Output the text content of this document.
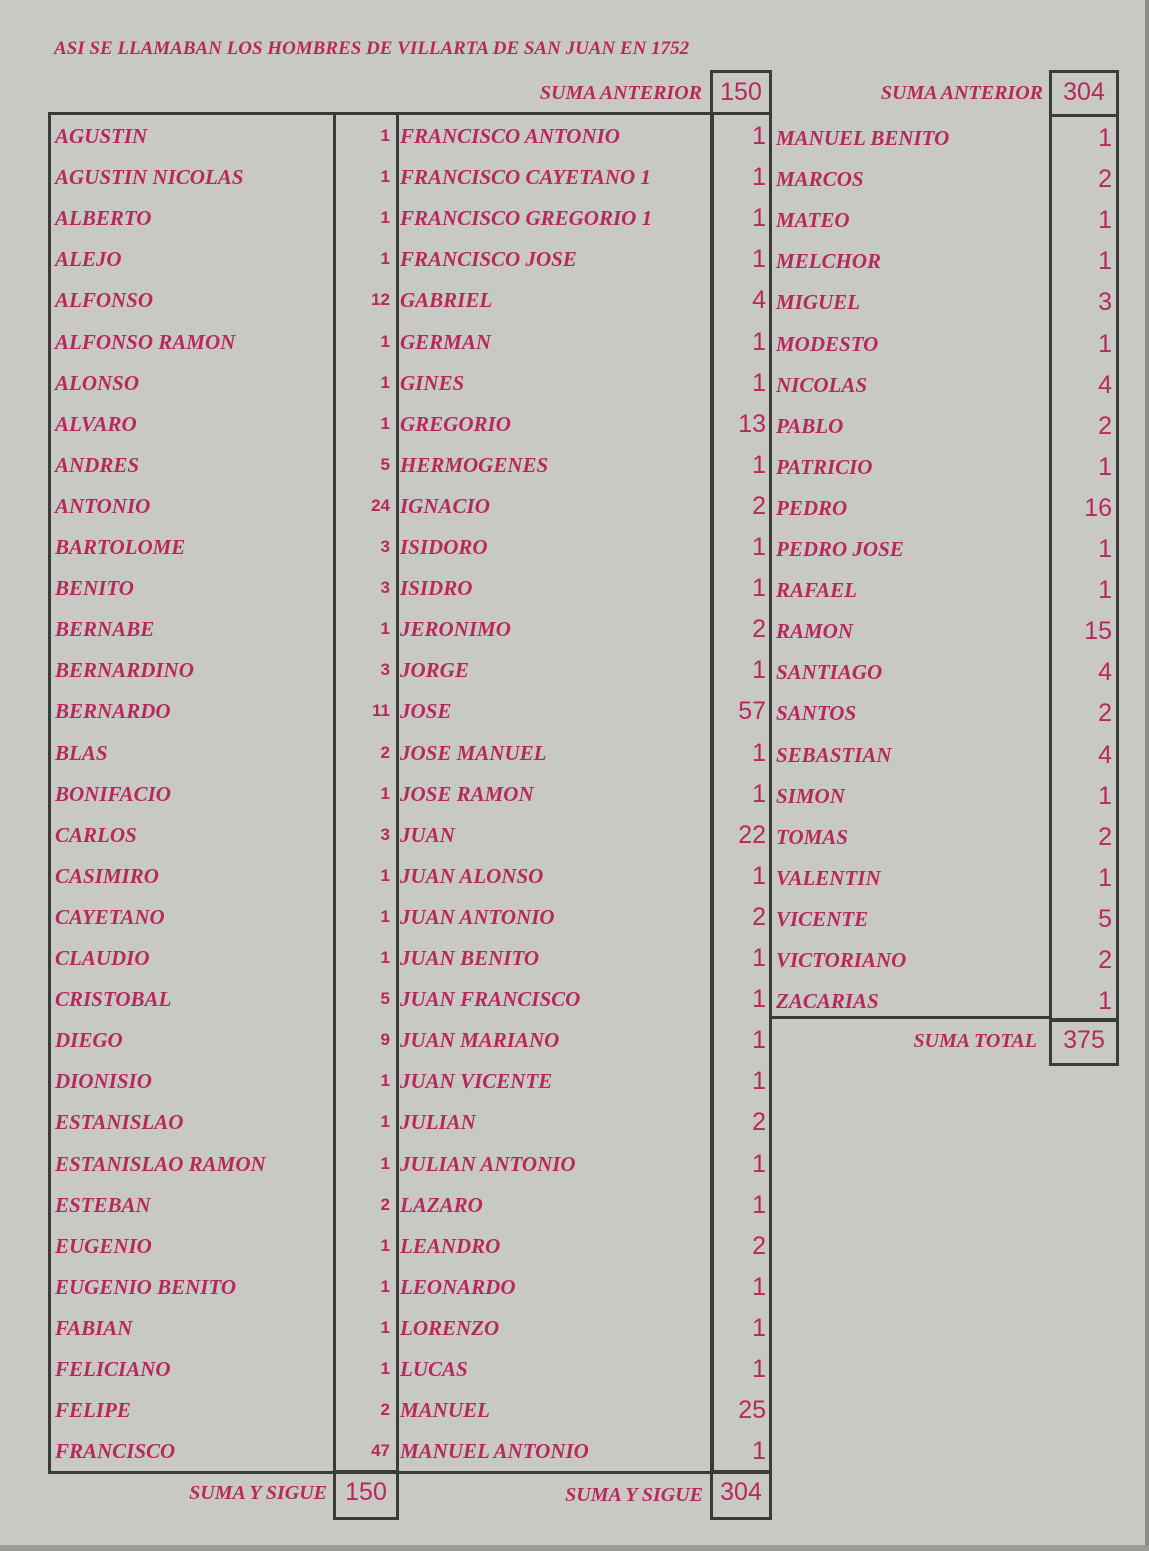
ASI SE LLAMABAN LOS HOMBRES DE VILLARTA DE SAN JUAN EN 1752
SUMA ANTERIOR 150	SUMA ANTERIOR 304
AGUSTIN	1
AGUSTIN NICOLAS	1
ALBERTO	1
ALEJO	1
ALFONSO	12
ALFONSO RAMON	1
ALONSO	1
ALVARO	1
ANDRES	5
ANTONIO	24
BARTOLOME	3
BENITO	3
BERNABE	1
BERNARDINO	3
BERNARDO	11
BLAS	2
BONIFACIO	1
CARLOS	3
CASIMIRO	1
CAYETANO	1
CLAUDIO	1
CRISTOBAL	5
DIEGO	9
DIONISIO	1
ESTANISLAO	1
ESTANISLAO RAMON	1
ESTEBAN	2
EUGENIO	1
EUGENIO BENITO	1
FABIAN	1
FELICIANO	1
FELIPE	2
FRANCISCO	47
FRANCISCO ANTONIO	1
FRANCISCO CAYETANO 1	1
FRANCISCO GREGORIO 1	1
FRANCISCO JOSE	1
GABRIEL	4
GERMAN	1
GINES	1
GREGORIO	13
HERMOGENES	1
IGNACIO	2
ISIDORO	1
ISIDRO	1
JERONIMO	2
JORGE	1
JOSE	57
JOSE MANUEL	1
JOSE RAMON	1
JUAN	22
JUAN ALONSO	1
JUAN ANTONIO	2
JUAN BENITO	1
JUAN FRANCISCO	1
JUAN MARIANO	1
JUAN VICENTE	1
JULIAN	2
JULIAN ANTONIO	1
LAZARO	1
LEANDRO	2
LEONARDO	1
LORENZO	1
LUCAS	1
MANUEL	25
MANUEL ANTONIO	1
MANUEL BENITO	1
MARCOS	2
MATEO	1
MELCHOR	1
MIGUEL	3
MODESTO	1
NICOLAS	4
PABLO	2
PATRICIO	1
PEDRO	16
PEDRO JOSE	1
RAFAEL	1
RAMON	15
SANTIAGO	4
SANTOS	2
SEBASTIAN	4
SIMON	1
TOMAS	2
VALENTIN	1
VICENTE	5
VICTORIANO	2
ZACARIAS	1
SUMA Y SIGUE 150	SUMA Y SIGUE 304
SUMA TOTAL	375
